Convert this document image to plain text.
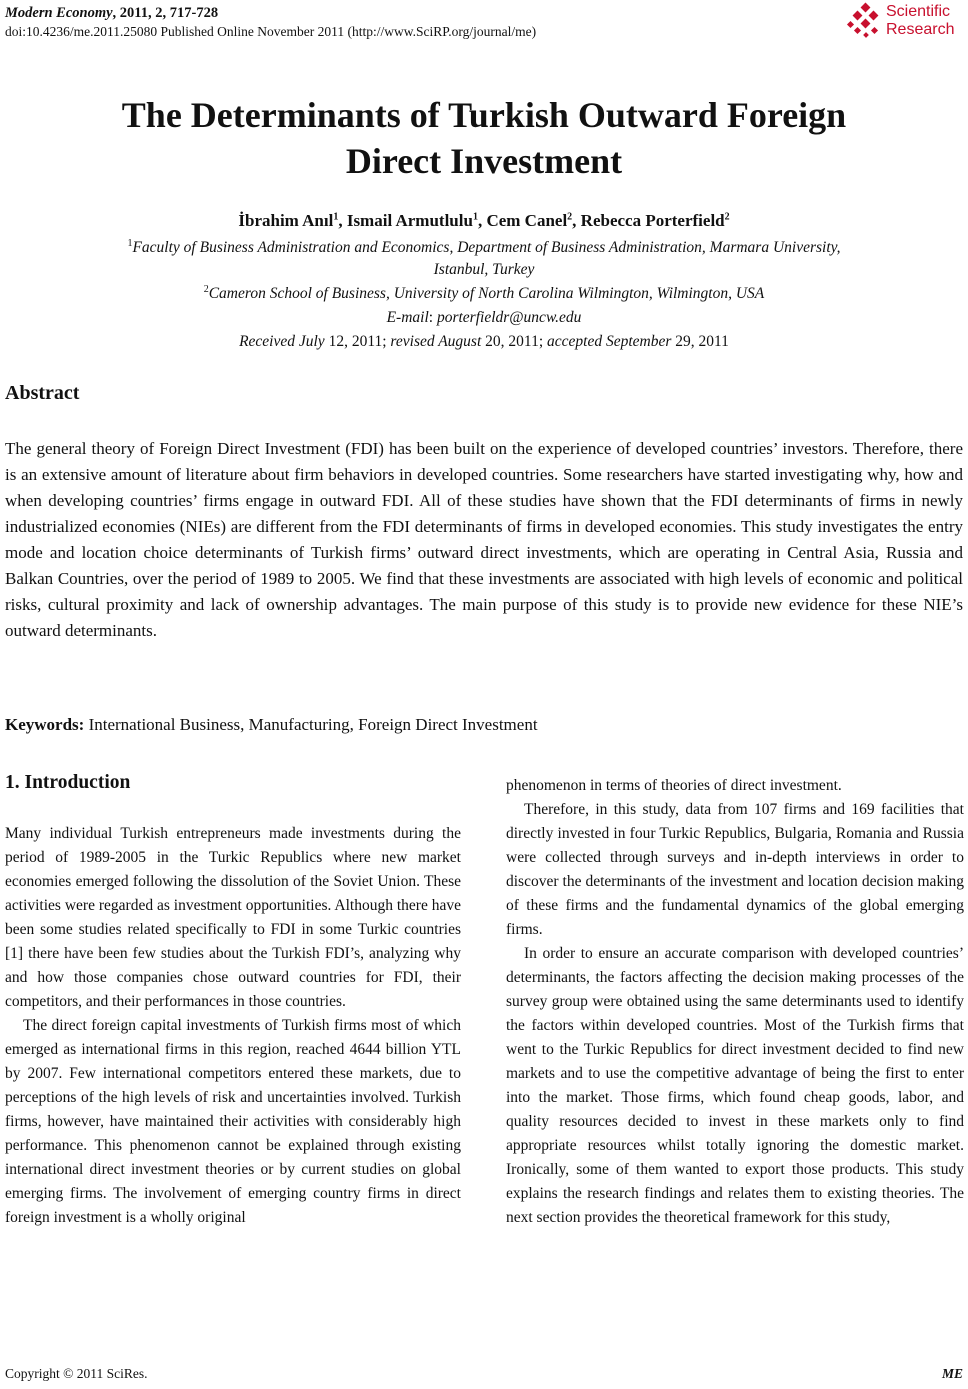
Modern Economy, 2011, 2, 717-728
doi:10.4236/me.2011.25080 Published Online November 2011 (http://www.SciRP.org/journal/me)
Scientific
Research
The Determinants of Turkish Outward Foreign
Direct Investment
İbrahim Anıl$^1$, Ismail Armutlulu$^1$, Cem Canel$^2$, Rebecca Porterfield$^2$
$^1$Faculty of Business Administration and Economics, Department of Business Administration, Marmara University,
Istanbul, Turkey
$^2$Cameron School of Business, University of North Carolina Wilmington, Wilmington, USA
E-mail: porterfieldr@uncw.edu
Received July 12, 2011; revised August 20, 2011; accepted September 29, 2011
Abstract
The general theory of Foreign Direct Investment (FDI) has been built on the experience of developed countries’ investors. Therefore, there is an extensive amount of literature about firm behaviors in developed countries. Some researchers have started investigating why, how and when developing countries’ firms engage in outward FDI. All of these studies have shown that the FDI determinants of firms in newly industrialized economies (NIEs) are different from the FDI determinants of firms in developed economies. This study investigates the entry mode and location choice determinants of Turkish firms’ outward direct investments, which are operating in Central Asia, Russia and Balkan Countries, over the period of 1989 to 2005. We find that these investments are associated with high levels of economic and political risks, cultural proximity and lack of ownership advantages. The main purpose of this study is to provide new evidence for these NIE’s outward determinants.
Keywords: International Business, Manufacturing, Foreign Direct Investment
1. Introduction

Many individual Turkish entrepreneurs made investments during the period of 1989-2005 in the Turkic Republics where new market economies emerged following the dissolution of the Soviet Union. These activities were regarded as investment opportunities. Although there have been some studies related specifically to FDI in some Turkic countries [1] there have been few studies about the Turkish FDI’s, analyzing why and how those companies chose outward countries for FDI, their competitors, and their performances in those countries.

The direct foreign capital investments of Turkish firms most of which emerged as international firms in this region, reached 4644 billion YTL by 2007. Few international competitors entered these markets, due to perceptions of the high levels of risk and uncertainties involved. Turkish firms, however, have maintained their activities with considerably high performance. This phenomenon cannot be explained through existing international direct investment theories or by current studies on global emerging firms. The involvement of emerging country firms in direct foreign investment is a wholly original

phenomenon in terms of theories of direct investment.

Therefore, in this study, data from 107 firms and 169 facilities that directly invested in four Turkic Republics, Bulgaria, Romania and Russia were collected through surveys and in-depth interviews in order to discover the determinants of the investment and location decision making of these firms and the fundamental dynamics of the global emerging firms.

In order to ensure an accurate comparison with developed countries’ determinants, the factors affecting the decision making processes of the survey group were obtained using the same determinants used to identify the factors within developed countries. Most of the Turkish firms that went to the Turkic Republics for direct investment decided to find new markets and to use the competitive advantage of being the first to enter into the market. Those firms, which found cheap goods, labor, and quality resources decided to invest in these markets only to find appropriate resources whilst totally ignoring the domestic market. Ironically, some of them wanted to export those products. This study explains the research findings and relates them to existing theories. The next section provides the theoretical framework for this study,

Copyright © 2011 SciRes.	ME
